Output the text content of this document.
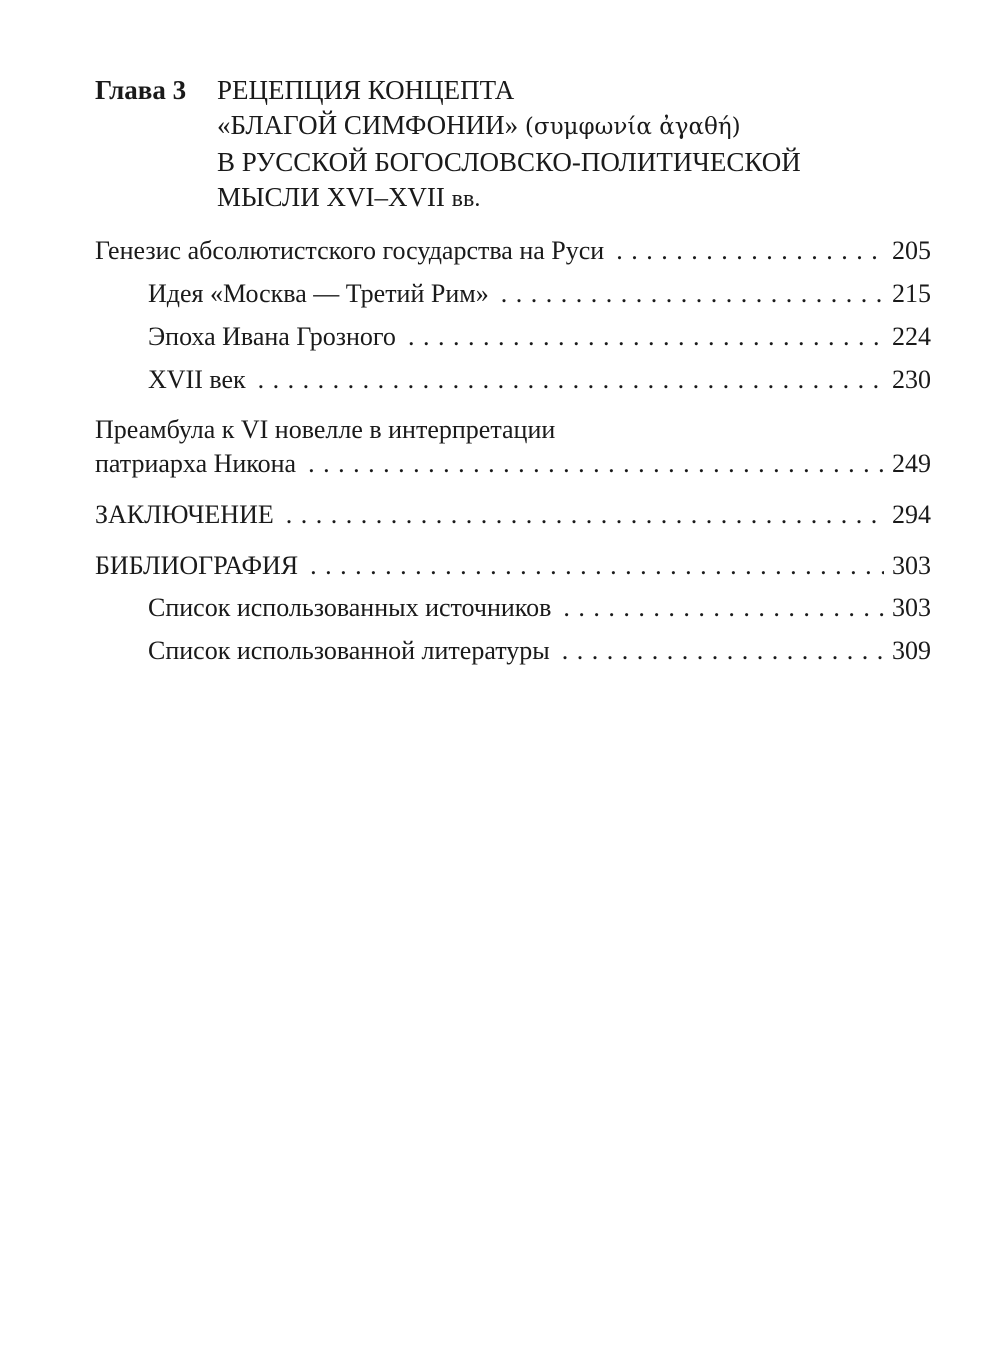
Глава 3 РЕЦЕПЦИЯ КОНЦЕПТА
«БЛАГОЙ СИМФОНИИ» (συμφωνία ἀγαθή)
В РУССКОЙ БОГОСЛОВСКО-ПОЛИТИЧЕСКОЙ
МЫСЛИ XVI–XVII вв.
Генезис абсолютистского государства на Руси . . .	205
Идея «Москва — Третий Рим» . . .	215
Эпоха Ивана Грозного . . .	224
XVII век . . .	230
Преамбула к VI новелле в интерпретации
патриарха Никона . . .	249
ЗАКЛЮЧЕНИЕ . . .	294
БИБЛИОГРАФИЯ . . .	303
Список использованных источников . . .	303
Список использованной литературы . . .	309
